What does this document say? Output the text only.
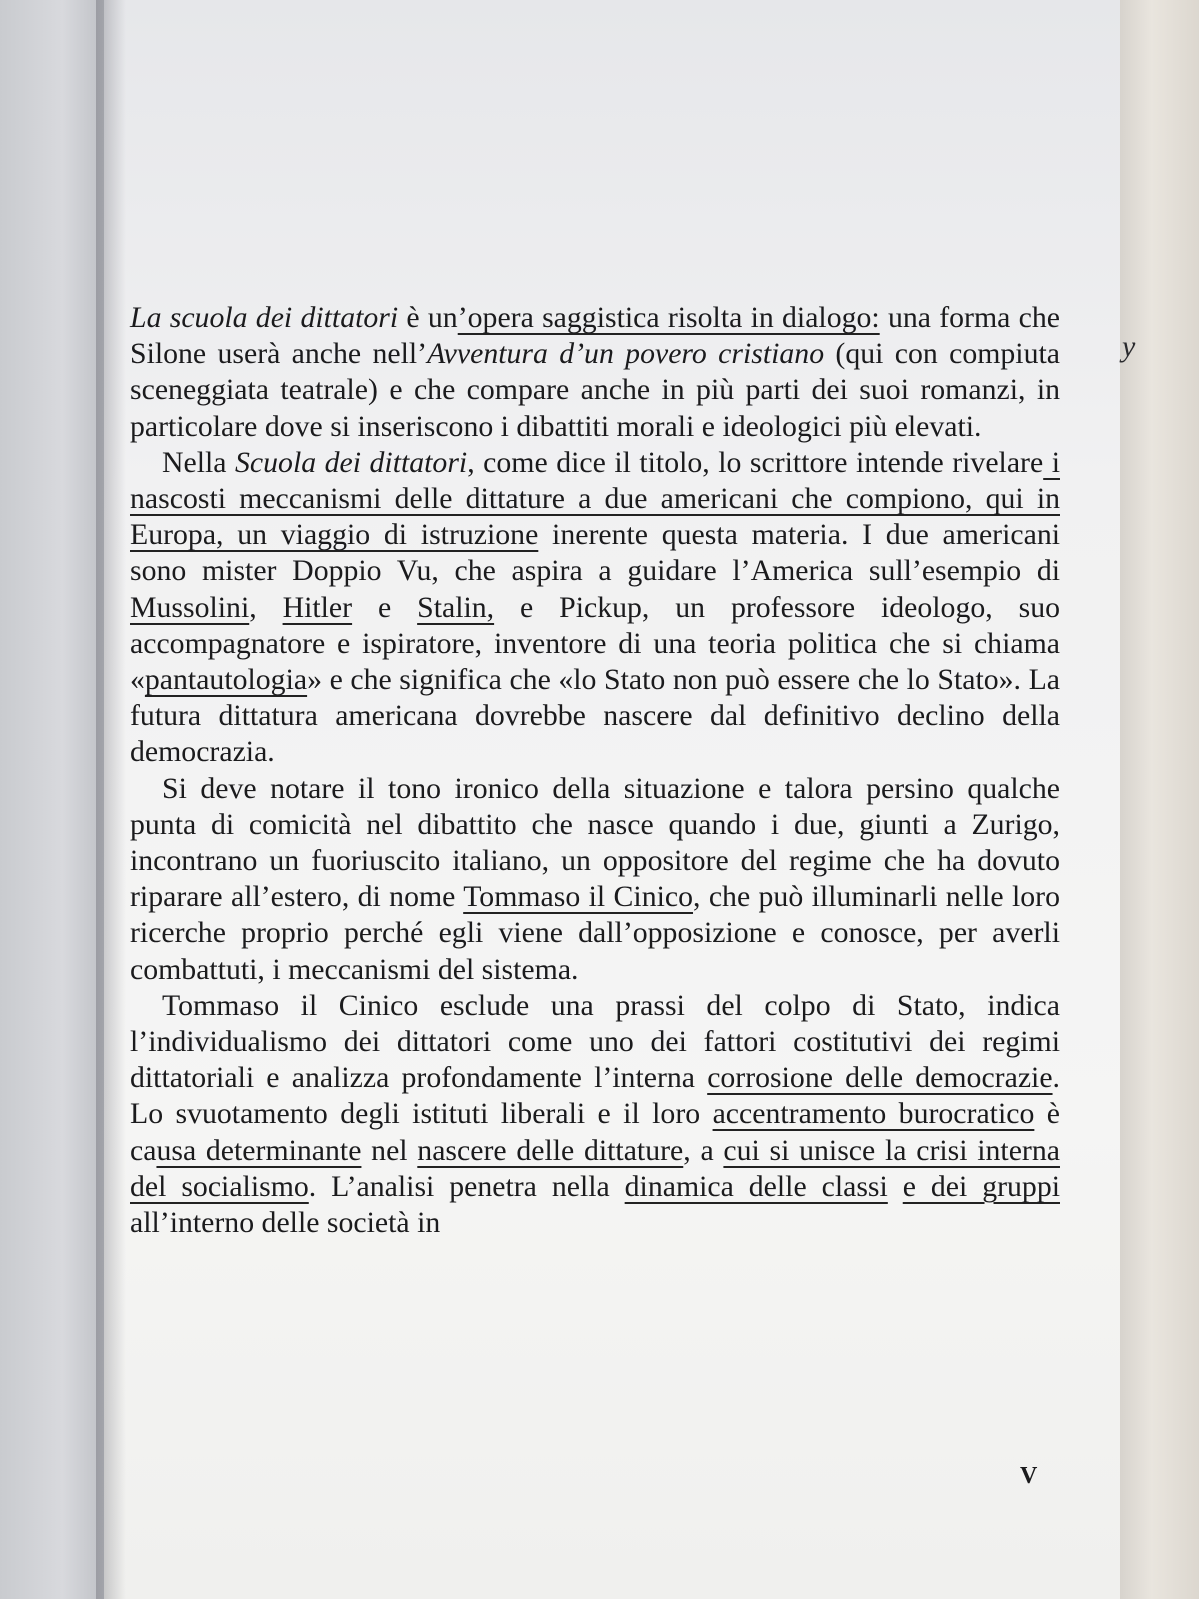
La scuola dei dittatori è un’opera saggistica risolta in dialogo: una forma che Silone userà anche nell’Avventura d’un povero cristiano (qui con compiuta sceneggiata teatrale) e che compare anche in più parti dei suoi romanzi, in particolare dove si inseriscono i dibattiti morali e ideologici più elevati.

Nella Scuola dei dittatori, come dice il titolo, lo scrittore intende rivelare i nascosti meccanismi delle dittature a due americani che compiono, qui in Europa, un viaggio di istruzione inerente questa materia. I due americani sono mister Doppio Vu, che aspira a guidare l’America sull’esempio di Mussolini, Hitler e Stalin, e Pickup, un professore ideologo, suo accompagnatore e ispiratore, inventore di una teoria politica che si chiama «pantautologia» e che significa che «lo Stato non può essere che lo Stato». La futura dittatura americana dovrebbe nascere dal definitivo declino della democrazia.

Si deve notare il tono ironico della situazione e talora persino qualche punta di comicità nel dibattito che nasce quando i due, giunti a Zurigo, incontrano un fuoriuscito italiano, un oppositore del regime che ha dovuto riparare all’estero, di nome Tommaso il Cinico, che può illuminarli nelle loro ricerche proprio perché egli viene dall’opposizione e conosce, per averli combattuti, i meccanismi del sistema.

Tommaso il Cinico esclude una prassi del colpo di Stato, indica l’individualismo dei dittatori come uno dei fattori costitutivi dei regimi dittatoriali e analizza profondamente l’interna corrosione delle democrazie. Lo svuotamento degli istituti liberali e il loro accentramento burocratico è causa determinante nel nascere delle dittature, a cui si unisce la crisi interna del socialismo. L’analisi penetra nella dinamica delle classi e dei gruppi all’interno delle società in

y
V
